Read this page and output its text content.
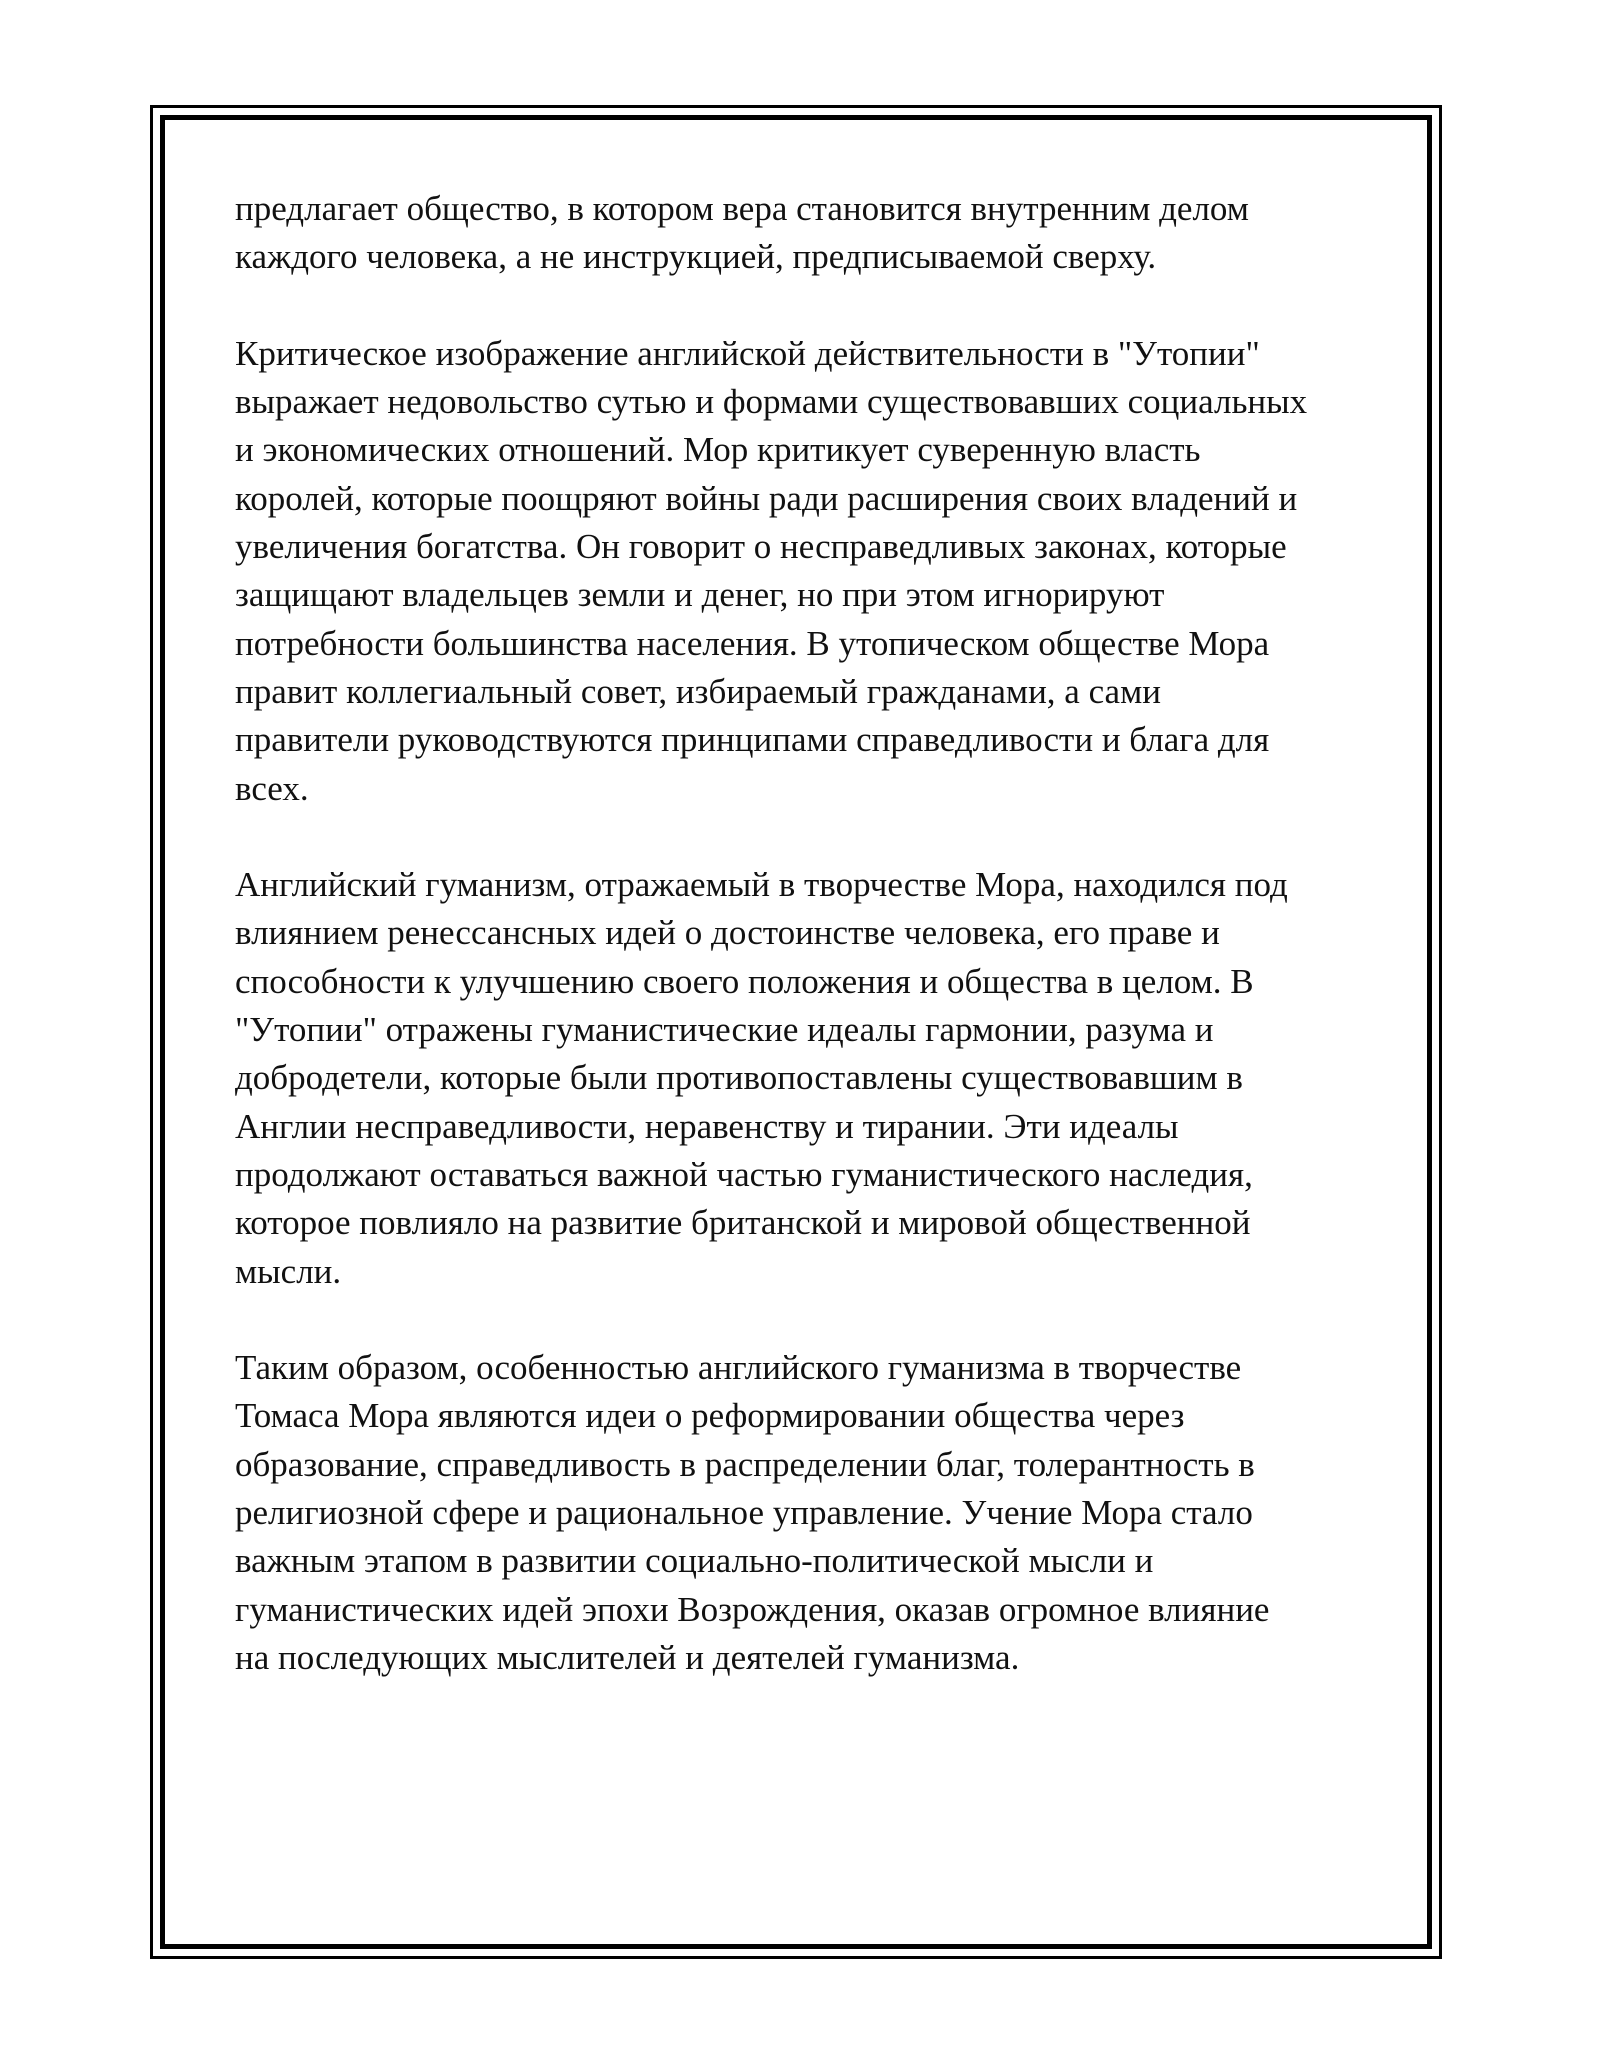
предлагает общество, в котором вера становится внутренним делом
каждого человека, а не инструкцией, предписываемой сверху.

Критическое изображение английской действительности в "Утопии"
выражает недовольство сутью и формами существовавших социальных
и экономических отношений. Мор критикует суверенную власть
королей, которые поощряют войны ради расширения своих владений и
увеличения богатства. Он говорит о несправедливых законах, которые
защищают владельцев земли и денег, но при этом игнорируют
потребности большинства населения. В утопическом обществе Мора
правит коллегиальный совет, избираемый гражданами, а сами
правители руководствуются принципами справедливости и блага для
всех.

Английский гуманизм, отражаемый в творчестве Мора, находился под
влиянием ренессансных идей о достоинстве человека, его праве и
способности к улучшению своего положения и общества в целом. В
"Утопии" отражены гуманистические идеалы гармонии, разума и
добродетели, которые были противопоставлены существовавшим в
Англии несправедливости, неравенству и тирании. Эти идеалы
продолжают оставаться важной частью гуманистического наследия,
которое повлияло на развитие британской и мировой общественной
мысли.

Таким образом, особенностью английского гуманизма в творчестве
Томаса Мора являются идеи о реформировании общества через
образование, справедливость в распределении благ, толерантность в
религиозной сфере и рациональное управление. Учение Мора стало
важным этапом в развитии социально-политической мысли и
гуманистических идей эпохи Возрождения, оказав огромное влияние
на последующих мыслителей и деятелей гуманизма.
